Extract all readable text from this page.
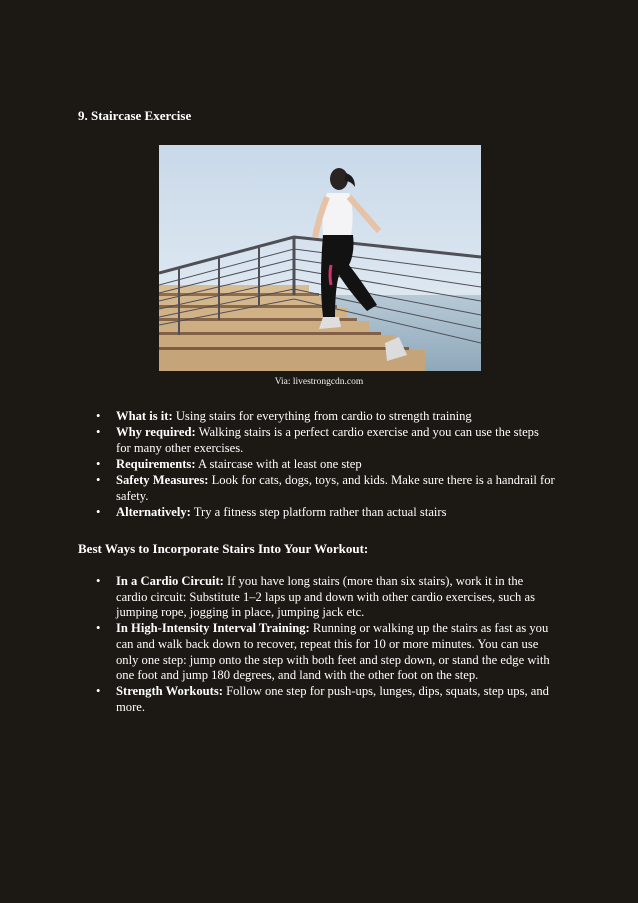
9. Staircase Exercise
Via: livestrongcdn.com
• What is it: Using stairs for everything from cardio to strength training
• Why required: Walking stairs is a perfect cardio exercise and you can use the steps for many other exercises.
• Requirements: A staircase with at least one step
• Safety Measures: Look for cats, dogs, toys, and kids. Make sure there is a handrail for safety.
• Alternatively: Try a fitness step platform rather than actual stairs
Best Ways to Incorporate Stairs Into Your Workout:
• In a Cardio Circuit: If you have long stairs (more than six stairs), work it in the cardio circuit: Substitute 1–2 laps up and down with other cardio exercises, such as jumping rope, jogging in place, jumping jack etc.
• In High-Intensity Interval Training: Running or walking up the stairs as fast as you can and walk back down to recover, repeat this for 10 or more minutes. You can use only one step: jump onto the step with both feet and step down, or stand the edge with one foot and jump 180 degrees, and land with the other foot on the step.
• Strength Workouts: Follow one step for push-ups, lunges, dips, squats, step ups, and more.
